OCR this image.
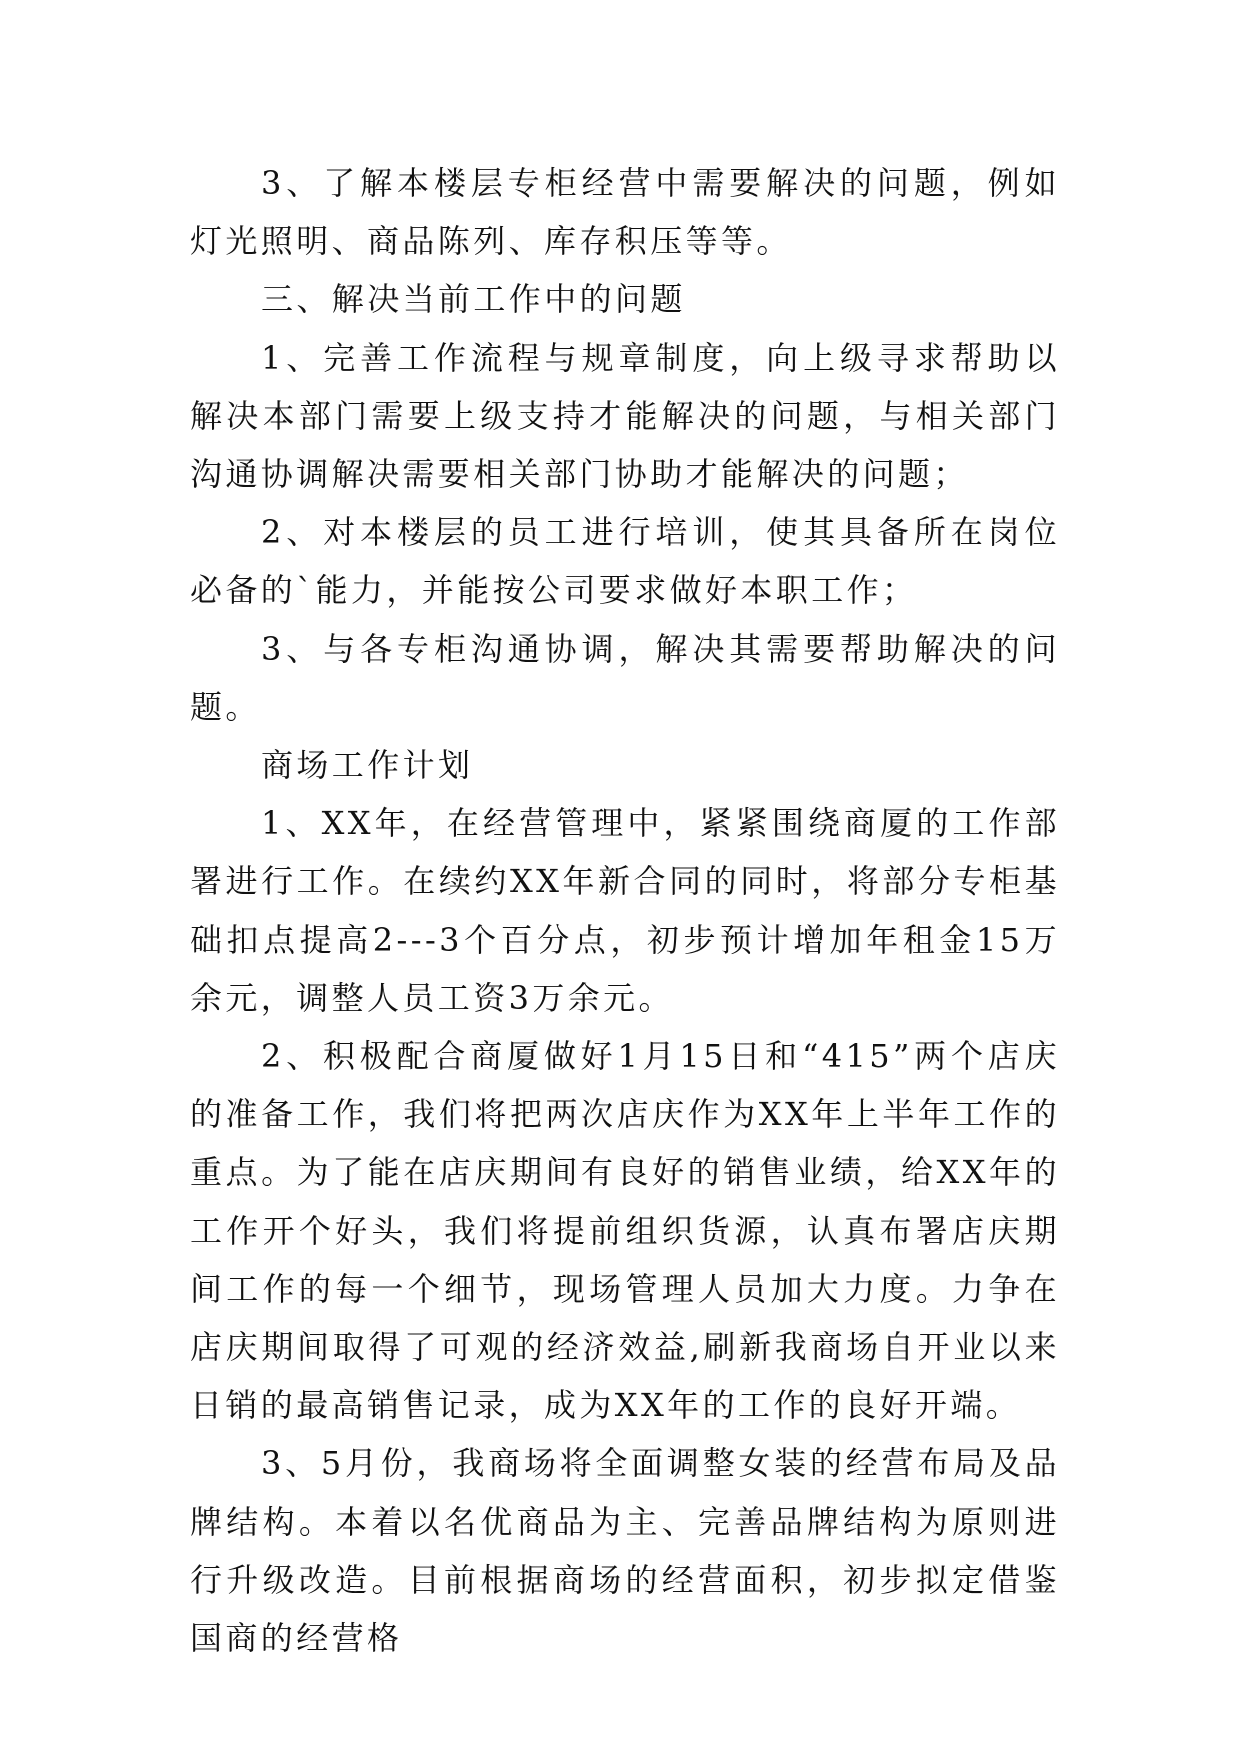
3、了解本楼层专柜经营中需要解决的问题，例如灯光照明、商品陈列、库存积压等等。

三、解决当前工作中的问题

1、完善工作流程与规章制度，向上级寻求帮助以解决本部门需要上级支持才能解决的问题，与相关部门沟通协调解决需要相关部门协助才能解决的问题；

2、对本楼层的员工进行培训，使其具备所在岗位必备的`能力，并能按公司要求做好本职工作；

3、与各专柜沟通协调，解决其需要帮助解决的问题。

商场工作计划

1、XX年，在经营管理中，紧紧围绕商厦的工作部署进行工作。在续约XX年新合同的同时，将部分专柜基础扣点提高2---3个百分点，初步预计增加年租金15万余元，调整人员工资3万余元。

2、积极配合商厦做好1月15日和“415”两个店庆的准备工作，我们将把两次店庆作为XX年上半年工作的重点。为了能在店庆期间有良好的销售业绩，给XX年的工作开个好头，我们将提前组织货源，认真布署店庆期间工作的每一个细节，现场管理人员加大力度。力争在店庆期间取得了可观的经济效益,刷新我商场自开业以来日销的最高销售记录，成为XX年的工作的良好开端。

3、5月份，我商场将全面调整女装的经营布局及品牌结构。本着以名优商品为主、完善品牌结构为原则进行升级改造。目前根据商场的经营面积，初步拟定借鉴国商的经营格
